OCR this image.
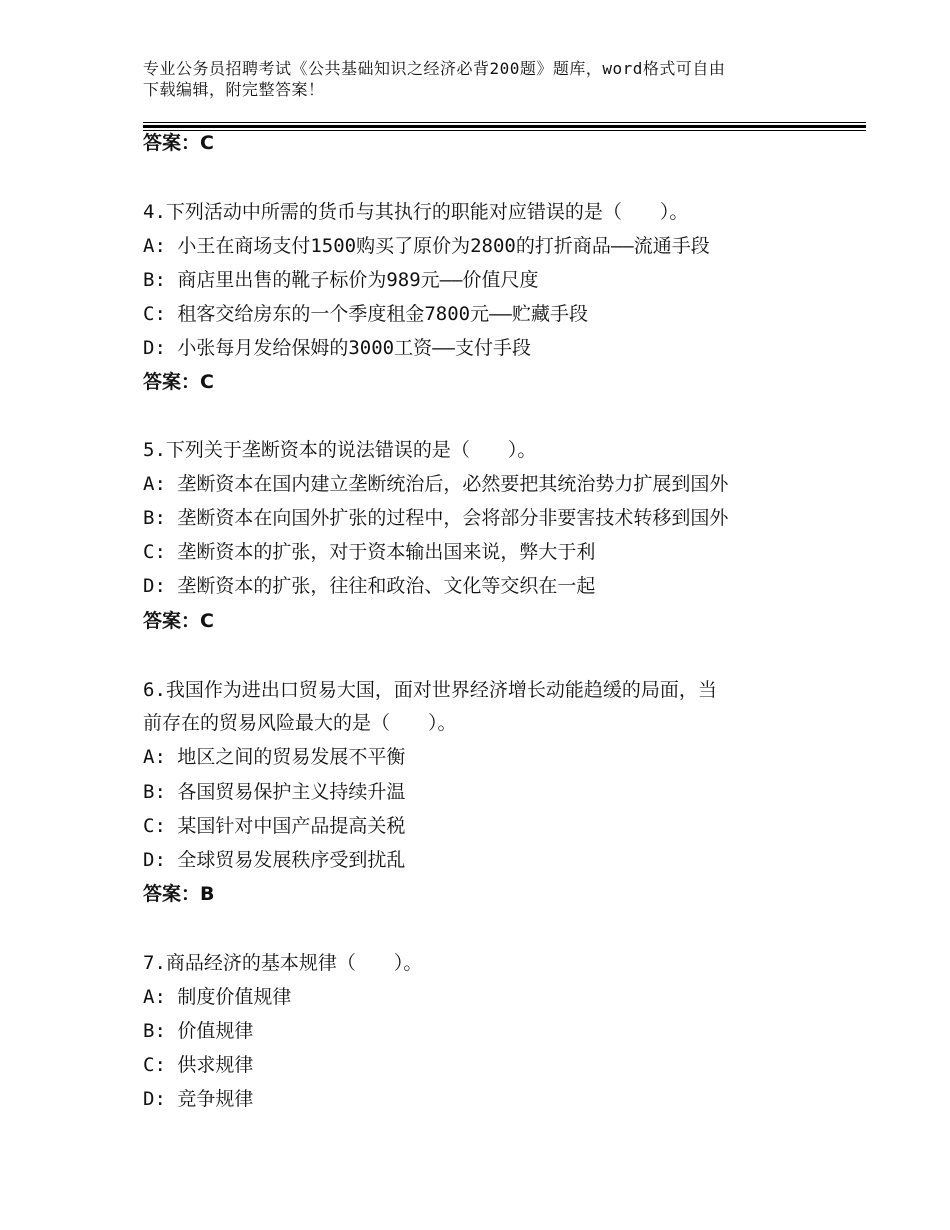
专业公务员招聘考试《公共基础知识之经济必背200题》题库，word格式可自由
下载编辑，附完整答案！
答案：C
4.下列活动中所需的货币与其执行的职能对应错误的是（　　）。
A: 小王在商场支付1500购买了原价为2800的打折商品——流通手段
B: 商店里出售的靴子标价为989元——价值尺度
C: 租客交给房东的一个季度租金7800元——贮藏手段
D: 小张每月发给保姆的3000工资——支付手段
答案：C
5.下列关于垄断资本的说法错误的是（　　）。
A: 垄断资本在国内建立垄断统治后，必然要把其统治势力扩展到国外
B: 垄断资本在向国外扩张的过程中，会将部分非要害技术转移到国外
C: 垄断资本的扩张，对于资本输出国来说，弊大于利
D: 垄断资本的扩张，往往和政治、文化等交织在一起
答案：C
6.我国作为进出口贸易大国，面对世界经济增长动能趋缓的局面，当
前存在的贸易风险最大的是（　　）。
A: 地区之间的贸易发展不平衡
B: 各国贸易保护主义持续升温
C: 某国针对中国产品提高关税
D: 全球贸易发展秩序受到扰乱
答案：B
7.商品经济的基本规律（　　）。
A: 制度价值规律
B: 价值规律
C: 供求规律
D: 竞争规律
